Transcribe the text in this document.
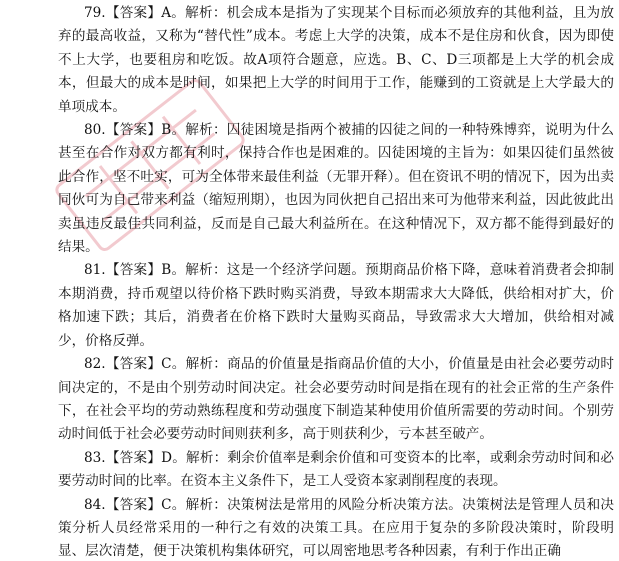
79.【答案】A。解析：机会成本是指为了实现某个目标而必须放弃的其他利益，且为放弃的最高收益，又称为“替代性”成本。考虑上大学的决策，成本不是住房和伙食，因为即使不上大学，也要租房和吃饭。故A项符合题意，应选。B、C、D三项都是上大学的机会成本，但最大的成本是时间，如果把上大学的时间用于工作，能赚到的工资就是上大学最大的单项成本。

80.【答案】B。解析：囚徒困境是指两个被捕的囚徒之间的一种特殊博弈，说明为什么甚至在合作对双方都有利时，保持合作也是困难的。囚徒困境的主旨为：如果囚徒们虽然彼此合作，坚不吐实，可为全体带来最佳利益（无罪开释）。但在资讯不明的情况下，因为出卖同伙可为自己带来利益（缩短刑期），也因为同伙把自己招出来可为他带来利益，因此彼此出卖虽违反最佳共同利益，反而是自己最大利益所在。在这种情况下，双方都不能得到最好的结果。

81.【答案】B。解析：这是一个经济学问题。预期商品价格下降，意味着消费者会抑制本期消费，持币观望以待价格下跌时购买消费，导致本期需求大大降低，供给相对扩大，价格加速下跌；其后，消费者在价格下跌时大量购买商品，导致需求大大增加，供给相对减少，价格反弹。

82.【答案】C。解析：商品的价值量是指商品价值的大小，价值量是由社会必要劳动时间决定的，不是由个别劳动时间决定。社会必要劳动时间是指在现有的社会正常的生产条件下，在社会平均的劳动熟练程度和劳动强度下制造某种使用价值所需要的劳动时间。个别劳动时间低于社会必要劳动时间则获利多，高于则获利少，亏本甚至破产。

83.【答案】D。解析：剩余价值率是剩余价值和可变资本的比率，或剩余劳动时间和必要劳动时间的比率。在资本主义条件下，是工人受资本家剥削程度的表现。

84.【答案】C。解析：决策树法是常用的风险分析决策方法。决策树法是管理人员和决策分析人员经常采用的一种行之有效的决策工具。在应用于复杂的多阶段决策时，阶段明显、层次清楚，便于决策机构集体研究，可以周密地思考各种因素，有利于作出正确
